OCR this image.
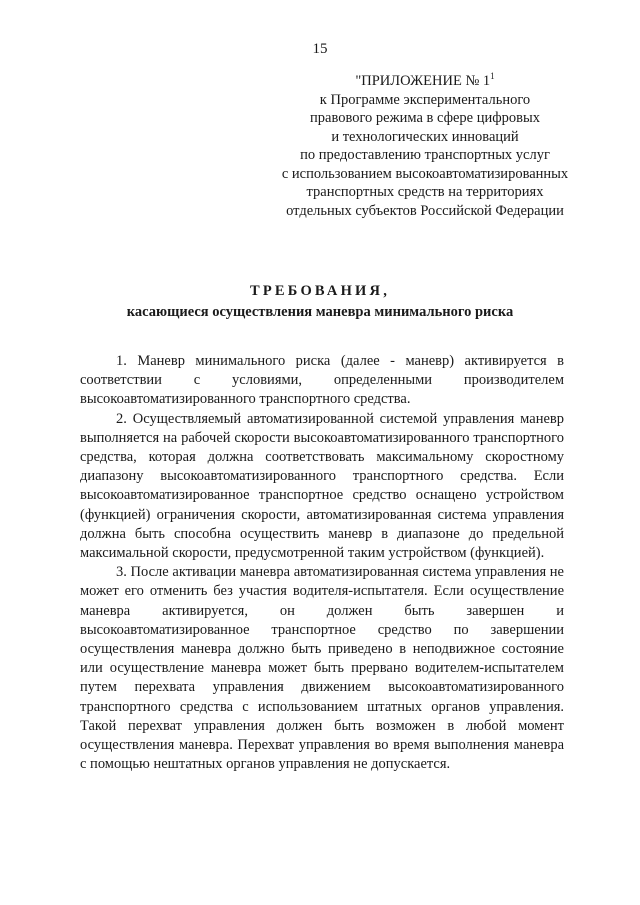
15
"ПРИЛОЖЕНИЕ № $1^1$
к Программе экспериментального
правового режима в сфере цифровых
и технологических инноваций
по предоставлению транспортных услуг
с использованием высокоавтоматизированных
транспортных средств на территориях
отдельных субъектов Российской Федерации
ТРЕБОВАНИЯ,
касающиеся осуществления маневра минимального риска

1. Маневр минимального риска (далее - маневр) активируется в соответствии с условиями, определенными производителем высокоавтоматизированного транспортного средства.

2. Осуществляемый автоматизированной системой управления маневр выполняется на рабочей скорости высокоавтоматизированного транспортного средства, которая должна соответствовать максимальному скоростному диапазону высокоавтоматизированного транспортного средства. Если высокоавтоматизированное транспортное средство оснащено устройством (функцией) ограничения скорости, автоматизированная система управления должна быть способна осуществить маневр в диапазоне до предельной максимальной скорости, предусмотренной таким устройством (функцией).

3. После активации маневра автоматизированная система управления не может его отменить без участия водителя-испытателя. Если осуществление маневра активируется, он должен быть завершен и высокоавтоматизированное транспортное средство по завершении осуществления маневра должно быть приведено в неподвижное состояние или осуществление маневра может быть прервано водителем-испытателем путем перехвата управления движением высокоавтоматизированного транспортного средства с использованием штатных органов управления. Такой перехват управления должен быть возможен в любой момент осуществления маневра. Перехват управления во время выполнения маневра с помощью нештатных органов управления не допускается.
